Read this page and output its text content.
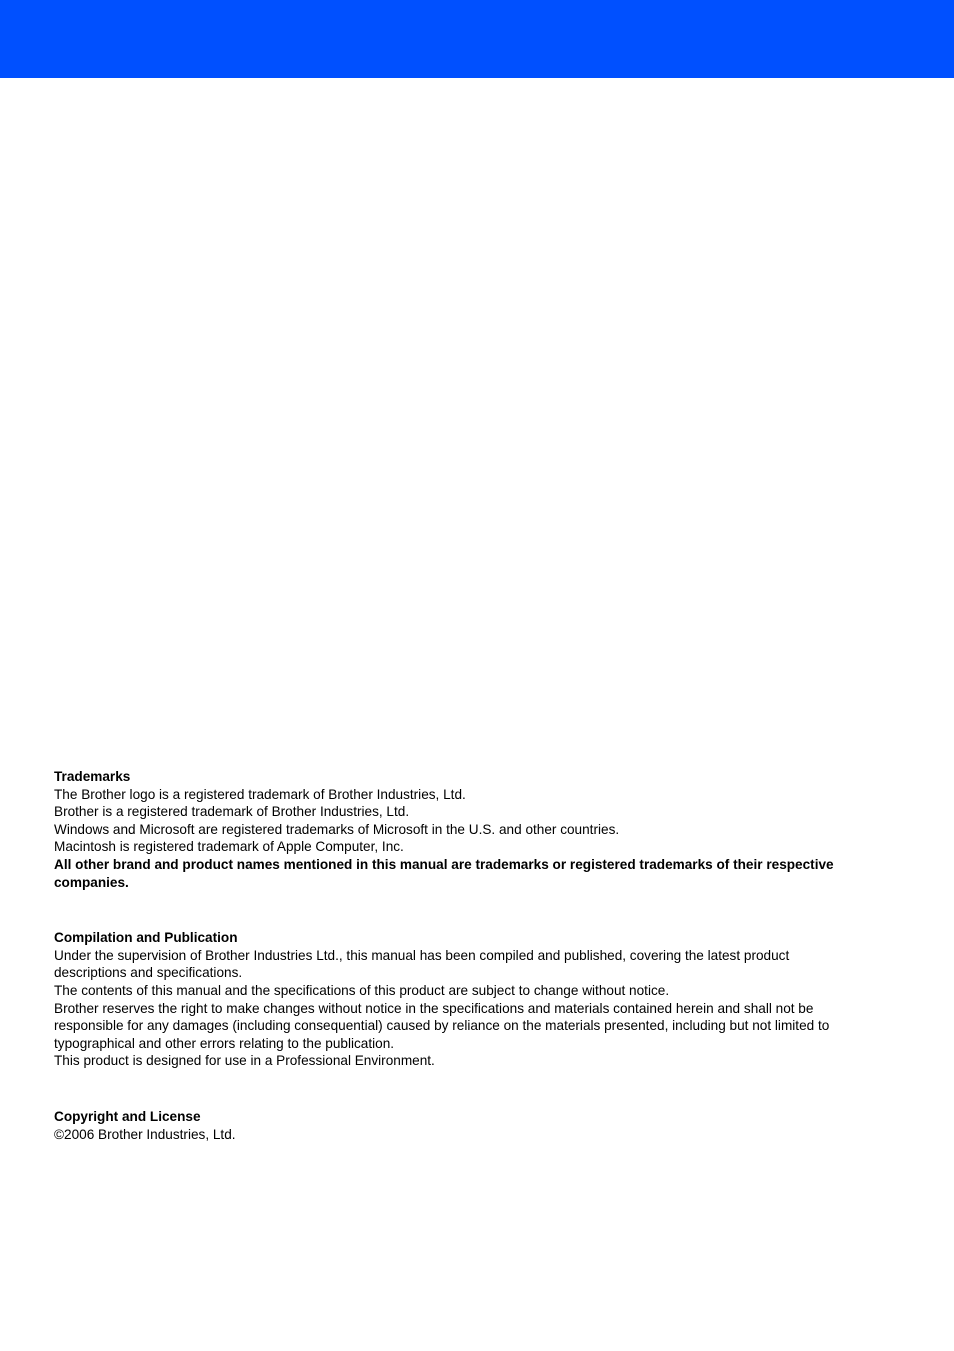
Trademarks

The Brother logo is a registered trademark of Brother Industries, Ltd.

Brother is a registered trademark of Brother Industries, Ltd.

Windows and Microsoft are registered trademarks of Microsoft in the U.S. and other countries.

Macintosh is registered trademark of Apple Computer, Inc.

All other brand and product names mentioned in this manual are trademarks or registered trademarks of their respective companies.

Compilation and Publication

Under the supervision of Brother Industries Ltd., this manual has been compiled and published, covering the latest product descriptions and specifications.

The contents of this manual and the specifications of this product are subject to change without notice.

Brother reserves the right to make changes without notice in the specifications and materials contained herein and shall not be responsible for any damages (including consequential) caused by reliance on the materials presented, including but not limited to typographical and other errors relating to the publication.

This product is designed for use in a Professional Environment.

Copyright and License

©2006 Brother Industries, Ltd.
